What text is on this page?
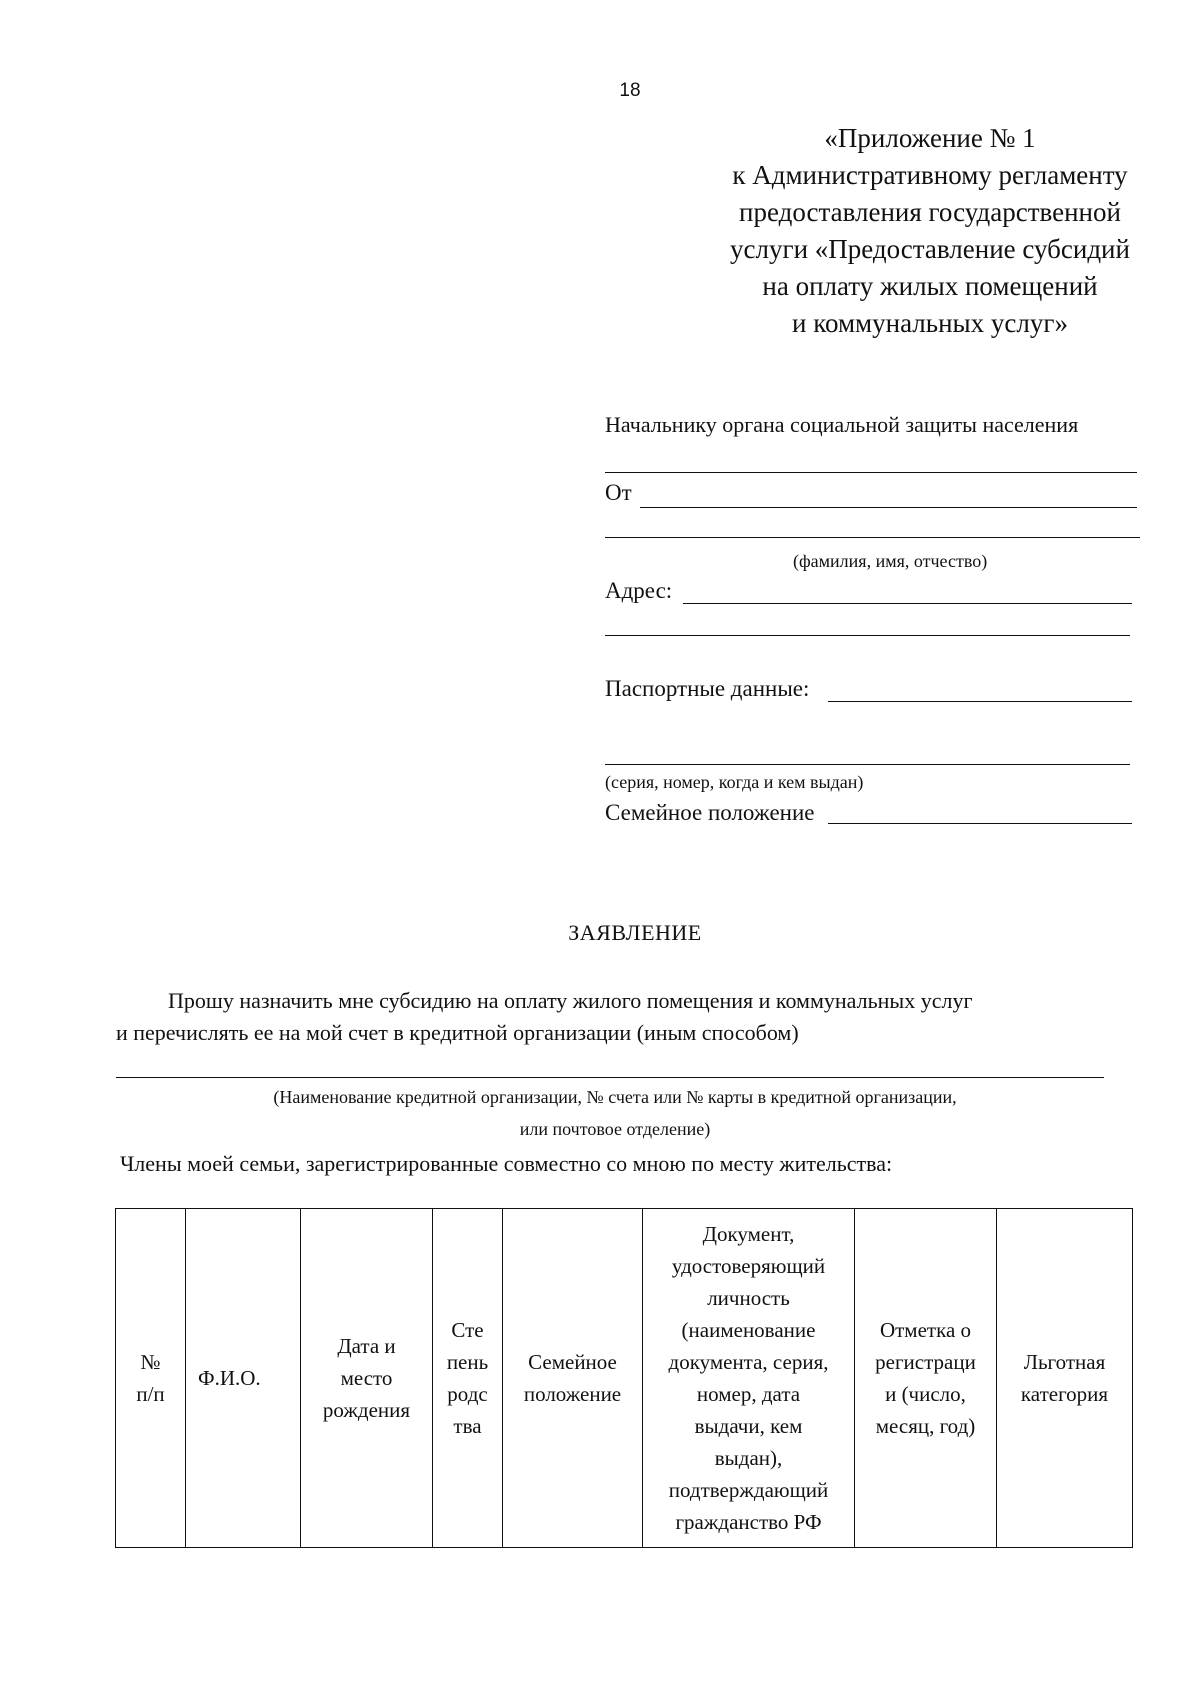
18
«Приложение № 1
к Административному регламенту
предоставления государственной
услуги «Предоставление субсидий
на оплату жилых помещений
и коммунальных услуг»
Начальнику органа социальной защиты населения
От
(фамилия, имя, отчество)
Адрес:
Паспортные данные:
(серия, номер, когда и кем выдан)
Семейное положение
ЗАЯВЛЕНИЕ
Прошу назначить мне субсидию на оплату жилого помещения и коммунальных услуг
и перечислять ее на мой счет в кредитной организации (иным способом)
(Наименование кредитной организации, № счета или № карты в кредитной организации,
или почтовое отделение)
Члены моей семьи, зарегистрированные совместно со мною по месту жительства:
№
п/п	Ф.И.О.	Дата и
место
рождения	Сте
пень
родс
тва	Семейное
положение	Документ,
удостоверяющий
личность
(наименование
документа, серия,
номер, дата
выдачи, кем
выдан),
подтверждающий
гражданство РФ	Отметка о
регистраци
и (число,
месяц, год)	Льготная
категория
